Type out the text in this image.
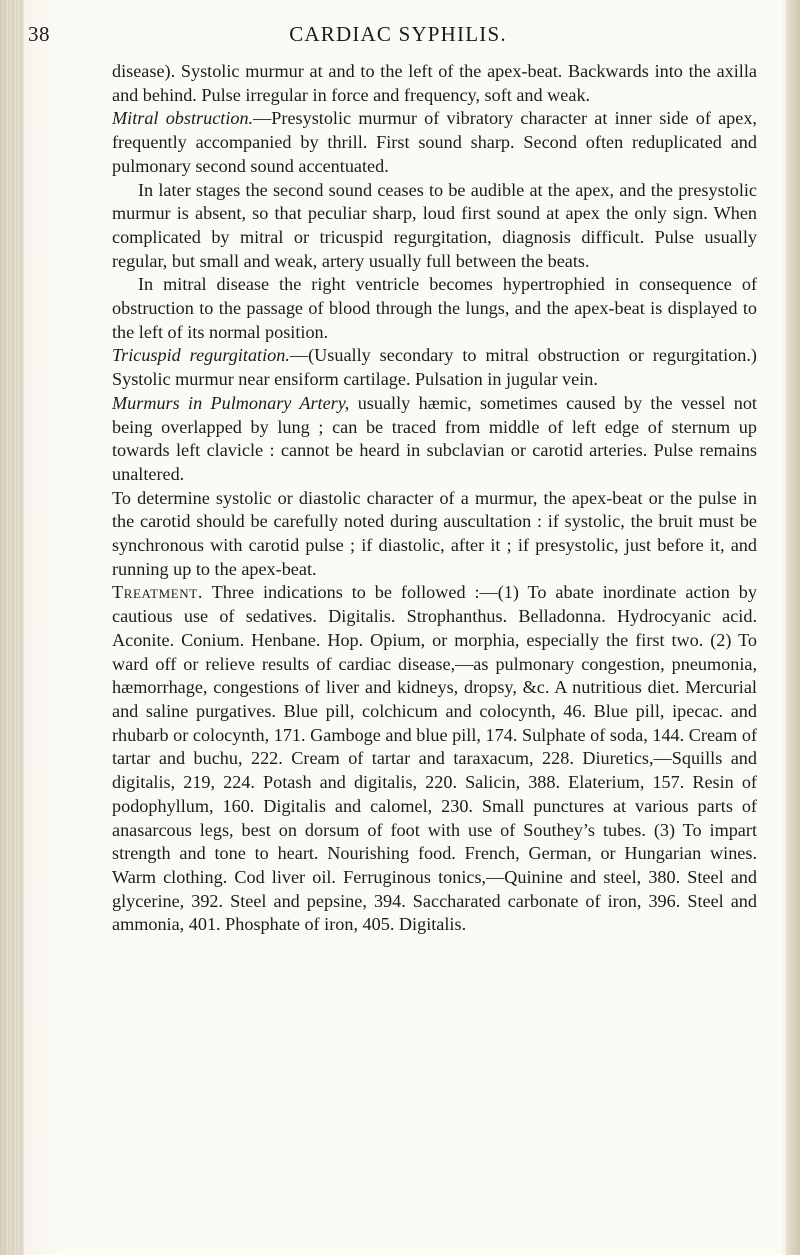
38	CARDIAC SYPHILIS.

disease). Systolic murmur at and to the left of the apex-beat. Backwards into the axilla and behind. Pulse irregular in force and frequency, soft and weak.

Mitral obstruction.—Presystolic murmur of vibratory character at inner side of apex, frequently accompanied by thrill. First sound sharp. Second often reduplicated and pulmonary second sound accentuated.

In later stages the second sound ceases to be audible at the apex, and the presystolic murmur is absent, so that peculiar sharp, loud first sound at apex the only sign. When complicated by mitral or tricuspid regurgitation, diagnosis difficult. Pulse usually regular, but small and weak, artery usually full between the beats.

In mitral disease the right ventricle becomes hypertrophied in consequence of obstruction to the passage of blood through the lungs, and the apex-beat is displayed to the left of its normal position.

Tricuspid regurgitation.—(Usually secondary to mitral obstruction or regurgitation.) Systolic murmur near ensiform cartilage. Pulsation in jugular vein.

Murmurs in Pulmonary Artery, usually hæmic, sometimes caused by the vessel not being overlapped by lung ; can be traced from middle of left edge of sternum up towards left clavicle : cannot be heard in subclavian or carotid arteries. Pulse remains unaltered.

To determine systolic or diastolic character of a murmur, the apex-beat or the pulse in the carotid should be carefully noted during auscultation : if systolic, the bruit must be synchronous with carotid pulse ; if diastolic, after it ; if presystolic, just before it, and running up to the apex-beat.

Treatment. Three indications to be followed :—(1) To abate inordinate action by cautious use of sedatives. Digitalis. Strophanthus. Belladonna. Hydrocyanic acid. Aconite. Conium. Henbane. Hop. Opium, or morphia, especially the first two. (2) To ward off or relieve results of cardiac disease,—as pulmonary congestion, pneumonia, hæmorrhage, congestions of liver and kidneys, dropsy, &c. A nutritious diet. Mercurial and saline purgatives. Blue pill, colchicum and colocynth, 46. Blue pill, ipecac. and rhubarb or colocynth, 171. Gamboge and blue pill, 174. Sulphate of soda, 144. Cream of tartar and buchu, 222. Cream of tartar and taraxacum, 228. Diuretics,—Squills and digitalis, 219, 224. Potash and digitalis, 220. Salicin, 388. Elaterium, 157. Resin of podophyllum, 160. Digitalis and calomel, 230. Small punctures at various parts of anasarcous legs, best on dorsum of foot with use of Southey’s tubes. (3) To impart strength and tone to heart. Nourishing food. French, German, or Hungarian wines. Warm clothing. Cod liver oil. Ferruginous tonics,—Quinine and steel, 380. Steel and glycerine, 392. Steel and pepsine, 394. Saccharated carbonate of iron, 396. Steel and ammonia, 401. Phosphate of iron, 405. Digitalis.
